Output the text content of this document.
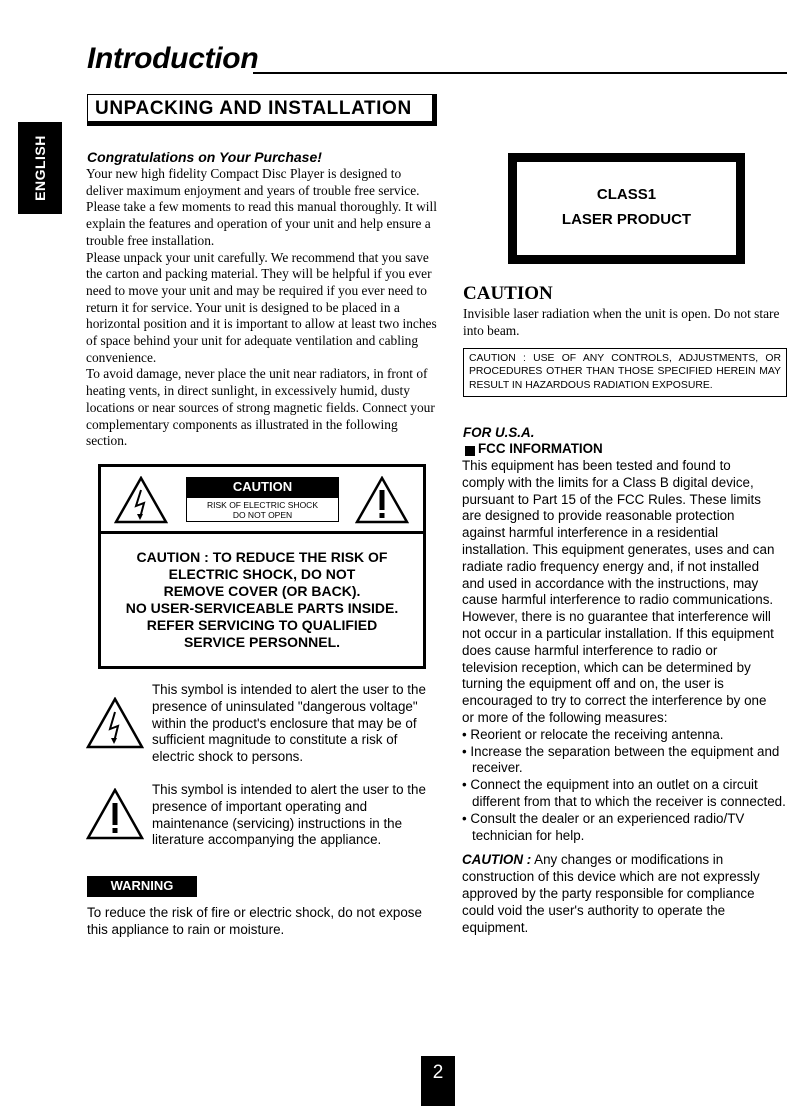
Introduction
UNPACKING AND INSTALLATION
ENGLISH	Congratulations on Your Purchase!

Your new high fidelity Compact Disc Player is designed to
deliver maximum enjoyment and years of trouble free service.
Please take a few moments to read this manual thoroughly. It will
explain the features and operation of your unit and help ensure a
trouble free installation.

Please unpack your unit carefully. We recommend that you save
the carton and packing material. They will be helpful if you ever
need to move your unit and may be required if you ever need to
return it for service. Your unit is designed to be placed in a
horizontal position and it is important to allow at least two inches
of space behind your unit for adequate ventilation and cabling
convenience.

To avoid damage, never place the unit near radiators, in front of
heating vents, in direct sunlight, in excessively humid, dusty
locations or near sources of strong magnetic fields. Connect your
complementary components as illustrated in the following
section.

CAUTION
RISK OF ELECTRIC SHOCK
DO NOT OPEN
CAUTION : TO REDUCE THE RISK OF
ELECTRIC SHOCK, DO NOT
REMOVE COVER (OR BACK).
NO USER-SERVICEABLE PARTS INSIDE.
REFER SERVICING TO QUALIFIED
SERVICE PERSONNEL.
This symbol is intended to alert the user to the
presence of uninsulated "dangerous voltage"
within the product's enclosure that may be of
sufficient magnitude to constitute a risk of
electric shock to persons.
This symbol is intended to alert the user to the
presence of important operating and
maintenance (servicing) instructions in the
literature accompanying the appliance.
WARNING
To reduce the risk of fire or electric shock, do not expose
this appliance to rain or moisture.
CLASS1
LASER PRODUCT
CAUTION
Invisible laser radiation when the unit is open. Do not stare
into beam.
CAUTION : USE OF ANY CONTROLS, ADJUSTMENTS, OR PROCEDURES OTHER THAN THOSE SPECIFIED HEREIN MAY RESULT IN HAZARDOUS RADIATION EXPOSURE.
FOR U.S.A.
FCC INFORMATION
This equipment has been tested and found to
comply with the limits for a Class B digital device,
pursuant to Part 15 of the FCC Rules. These limits
are designed to provide reasonable protection
against harmful interference in a residential
installation. This equipment generates, uses and can
radiate radio frequency energy and, if not installed
and used in accordance with the instructions, may
cause harmful interference to radio communications.
However, there is no guarantee that interference will
not occur in a particular installation. If this equipment
does cause harmful interference to radio or
television reception, which can be determined by
turning the equipment off and on, the user is
encouraged to try to correct the interference by one
or more of the following measures:
• Reorient or relocate the receiving antenna.
• Increase the separation between the equipment and
receiver.
• Connect the equipment into an outlet on a circuit
different from that to which the receiver is connected.
• Consult the dealer or an experienced radio/TV
technician for help.
CAUTION : Any changes or modifications in
construction of this device which are not expressly
approved by the party responsible for compliance
could void the user's authority to operate the
equipment.
2
